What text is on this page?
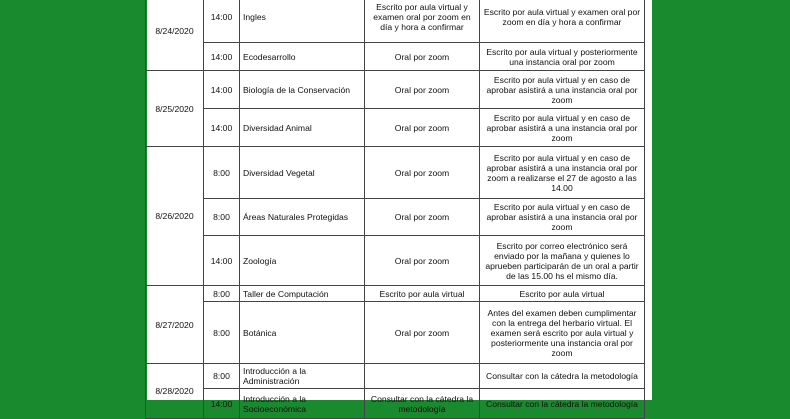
8/24/2020	14:00	Ingles	Escrito por aula virtual y examen oral por zoom en día y hora a confirmar	Escrito por aula virtual y examen oral por zoom en día y hora a confirmar
	14:00	Ecodesarrollo	Oral por zoom	Escrito por aula virtual y posteriormente una instancia oral por zoom
8/25/2020	14:00	Biología de la Conservación	Oral por zoom	Escrito por aula virtual y en caso de aprobar asistirá a una instancia oral por zoom
	14:00	Diversidad Animal	Oral por zoom	Escrito por aula virtual y en caso de aprobar asistirá a una instancia oral por zoom
8/26/2020	8:00	Diversidad Vegetal	Oral por zoom	Escrito por aula virtual y en caso de aprobar asistirá a una instancia oral por zoom a realizarse el 27 de agosto a las 14.00
	8:00	Áreas Naturales Protegidas	Oral por zoom	Escrito por aula virtual y en caso de aprobar asistirá a una instancia oral por zoom
	14:00	Zoología	Oral por zoom	Escrito por correo electrónico será enviado por la mañana y quienes lo aprueben participarán de un oral a partir de las 15.00 hs el mismo día.
8/27/2020	8:00	Taller de Computación	Escrito por aula virtual	Escrito por aula virtual
	8:00	Botánica	Oral por zoom	Antes del examen deben cumplimentar con la entrega del herbario virtual. El examen será escrito por aula virtual y posteriormente una instancia oral por zoom
8/28/2020	8:00	Introducción a la Administración		Consultar con la cátedra la metodología
	14:00	Introducción a la Socioeconómica	Consultar con la cátedra la metodología	Consultar con la cátedra la metodología
